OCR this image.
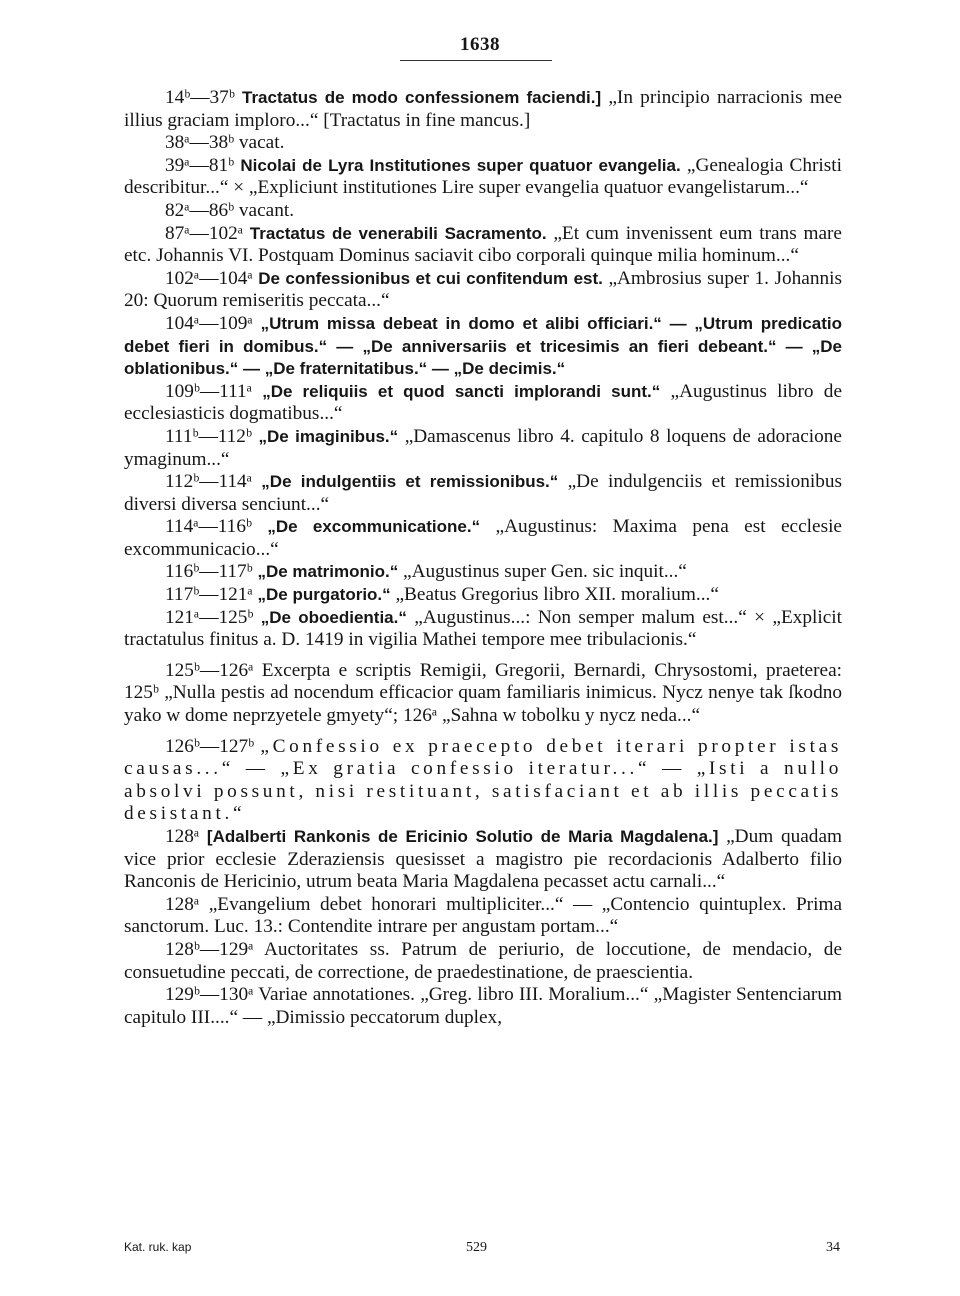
1638

14ᵇ—37ᵇ Tractatus de modo confessionem faciendi.] „In principio narracionis mee illius graciam imploro...“ [Tractatus in fine mancus.]

38ᵃ—38ᵇ vacat.

39ᵃ—81ᵇ Nicolai de Lyra Institutiones super quatuor evangelia. „Genealogia Christi describitur...“ × „Expliciunt institutiones Lire super evangelia quatuor evangelistarum...“

82ᵃ—86ᵇ vacant.

87ᵃ—102ᵃ Tractatus de venerabili Sacramento. „Et cum invenissent eum trans mare etc. Johannis VI. Postquam Dominus saciavit cibo corporali quinque milia hominum...“

102ᵃ—104ᵃ De confessionibus et cui confitendum est. „Ambrosius super 1. Johannis 20: Quorum remiseritis peccata...“

104ᵃ—109ᵃ „Utrum missa debeat in domo et alibi officiari.“ — „Utrum predicatio debet fieri in domibus.“ — „De anniversariis et tricesimis an fieri debeant.“ — „De oblationibus.“ — „De fraternitatibus.“ — „De decimis.“

109ᵇ—111ᵃ „De reliquiis et quod sancti implorandi sunt.“ „Augustinus libro de ecclesiasticis dogmatibus...“

111ᵇ—112ᵇ „De imaginibus.“ „Damascenus libro 4. capitulo 8 loquens de adoracione ymaginum...“

112ᵇ—114ᵃ „De indulgentiis et remissionibus.“ „De indulgenciis et remissionibus diversi diversa senciunt...“

114ᵃ—116ᵇ „De excommunicatione.“ „Augustinus: Maxima pena est ecclesie excommunicacio...“

116ᵇ—117ᵇ „De matrimonio.“ „Augustinus super Gen. sic inquit...“

117ᵇ—121ᵃ „De purgatorio.“ „Beatus Gregorius libro XII. moralium...“

121ᵃ—125ᵇ „De oboedientia.“ „Augustinus...: Non semper malum est...“ × „Explicit tractatulus finitus a. D. 1419 in vigilia Mathei tempore mee tribulacionis.“

125ᵇ—126ᵃ Excerpta e scriptis Remigii, Gregorii, Bernardi, Chrysostomi, praeterea: 125ᵇ „Nulla pestis ad nocendum efficacior quam familiaris inimicus. Nycz nenye tak ſkodno yako w dome neprzyetele gmyety“; 126ᵃ „Sahna w tobolku y nycz neda...“

126ᵇ—127ᵇ „Confessio ex praecepto debet iterari propter istas causas...“ — „Ex gratia confessio iteratur...“ — „Isti a nullo absolvi possunt, nisi restituant, satisfaciant et ab illis peccatis desistant.“

128ᵃ [Adalberti Rankonis de Ericinio Solutio de Maria Magdalena.] „Dum quadam vice prior ecclesie Zderaziensis quesisset a magistro pie recordacionis Adalberto filio Ranconis de Hericinio, utrum beata Maria Magdalena pecasset actu carnali...“

128ᵃ „Evangelium debet honorari multipliciter...“ — „Contencio quintuplex. Prima sanctorum. Luc. 13.: Contendite intrare per angustam portam...“

128ᵇ—129ᵃ Auctoritates ss. Patrum de periurio, de loccutione, de mendacio, de consuetudine peccati, de correctione, de praedestinatione, de praescientia.

129ᵇ—130ᵃ Variae annotationes. „Greg. libro III. Moralium...“ „Magister Sentenciarum capitulo III....“ — „Dimissio peccatorum duplex,

Kat. ruk. kap	529	34
